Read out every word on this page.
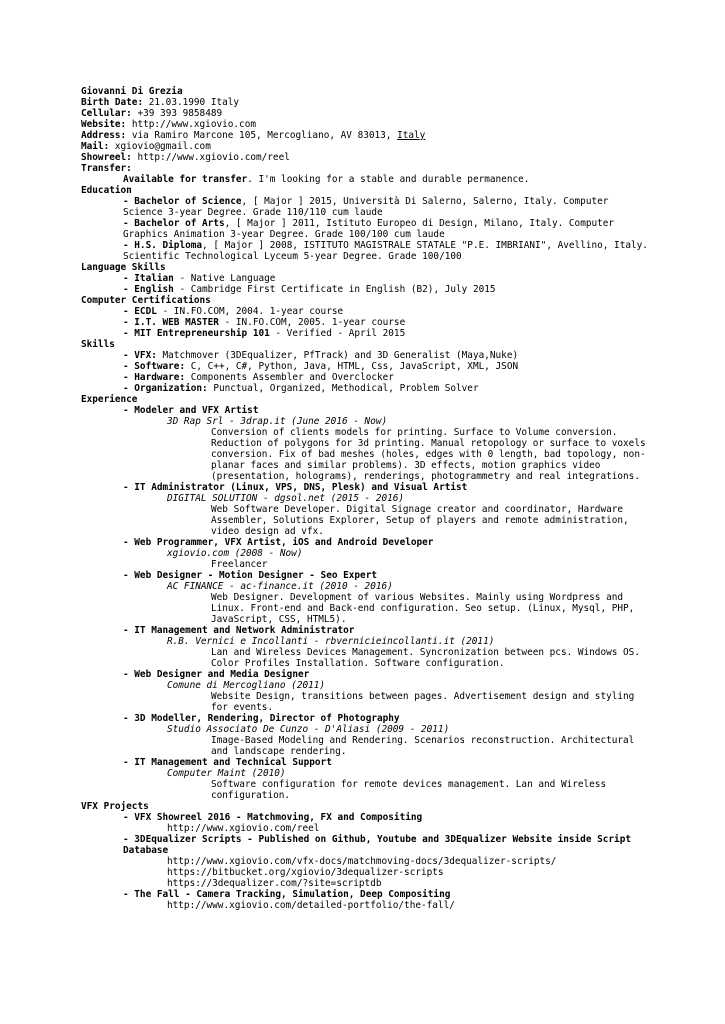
Giovanni Di Grezia
Birth Date: 21.03.1990 Italy
Cellular: +39 393 9858489
Website: http://www.xgiovio.com
Address: via Ramiro Marcone 105, Mercogliano, AV 83013, Italy
Mail: xgiovio@gmail.com
Showreel: http://www.xgiovio.com/reel
Transfer:
Available for transfer. I'm looking for a stable and durable permanence.
Education
- Bachelor of Science, [ Major ] 2015, Università Di Salerno, Salerno, Italy. Computer Science 3-year Degree. Grade 110/110 cum laude
- Bachelor of Arts, [ Major ] 2011, Istituto Europeo di Design, Milano, Italy. Computer Graphics Animation 3-year Degree. Grade 100/100 cum laude
- H.S. Diploma, [ Major ] 2008, ISTITUTO MAGISTRALE STATALE "P.E. IMBRIANI", Avellino, Italy. Scientific Technological Lyceum 5-year Degree. Grade 100/100
Language Skills
- Italian - Native Language
- English - Cambridge First Certificate in English (B2), July 2015
Computer Certifications
- ECDL - IN.FO.COM, 2004. 1-year course
- I.T. WEB MASTER - IN.FO.COM, 2005. 1-year course
- MIT Entrepreneurship 101 - Verified - April 2015
Skills
- VFX: Matchmover (3DEqualizer, PfTrack) and 3D Generalist (Maya,Nuke)
- Software: C, C++, C#, Python, Java, HTML, Css, JavaScript, XML, JSON
- Hardware: Components Assembler and Overclocker
- Organization: Punctual, Organized, Methodical, Problem Solver
Experience
- Modeler and VFX Artist
3D Rap Srl - 3drap.it (June 2016 - Now)
Conversion of clients models for printing. Surface to Volume conversion. Reduction of polygons for 3d printing. Manual retopology or surface to voxels conversion. Fix of bad meshes (holes, edges with 0 length, bad topology, non-planar faces and similar problems). 3D effects, motion graphics video (presentation, holograms), renderings, photogrammetry and real integrations.
- IT Administrator (Linux, VPS, DNS, Plesk) and Visual Artist
DIGITAL SOLUTION - dgsol.net (2015 - 2016)
Web Software Developer. Digital Signage creator and coordinator, Hardware Assembler, Solutions Explorer, Setup of players and remote administration, video design ad vfx.
- Web Programmer, VFX Artist, iOS and Android Developer
xgiovio.com (2008 - Now)
Freelancer
- Web Designer - Motion Designer - Seo Expert
AC FINANCE - ac-finance.it (2010 - 2016)
Web Designer. Development of various Websites. Mainly using Wordpress and Linux. Front-end and Back-end configuration. Seo setup. (Linux, Mysql, PHP, JavaScript, CSS, HTML5).
- IT Management and Network Administrator
R.B. Vernici e Incollanti - rbvernicieincollanti.it (2011)
Lan and Wireless Devices Management. Syncronization between pcs. Windows OS. Color Profiles Installation. Software configuration.
- Web Designer and Media Designer
Comune di Mercogliano (2011)
Website Design, transitions between pages. Advertisement design and styling for events.
- 3D Modeller, Rendering, Director of Photography
Studio Associato De Cunzo - D'Aliasi (2009 - 2011)
Image-Based Modeling and Rendering. Scenarios reconstruction. Architectural and landscape rendering.
- IT Management and Technical Support
Computer Maint (2010)
Software configuration for remote devices management. Lan and Wireless configuration.
VFX Projects
- VFX Showreel 2016 - Matchmoving, FX and Compositing
http://www.xgiovio.com/reel
- 3DEqualizer Scripts - Published on Github, Youtube and 3DEqualizer Website inside Script Database
http://www.xgiovio.com/vfx-docs/matchmoving-docs/3dequalizer-scripts/
https://bitbucket.org/xgiovio/3dequalizer-scripts
https://3dequalizer.com/?site=scriptdb
- The Fall - Camera Tracking, Simulation, Deep Compositing
http://www.xgiovio.com/detailed-portfolio/the-fall/
